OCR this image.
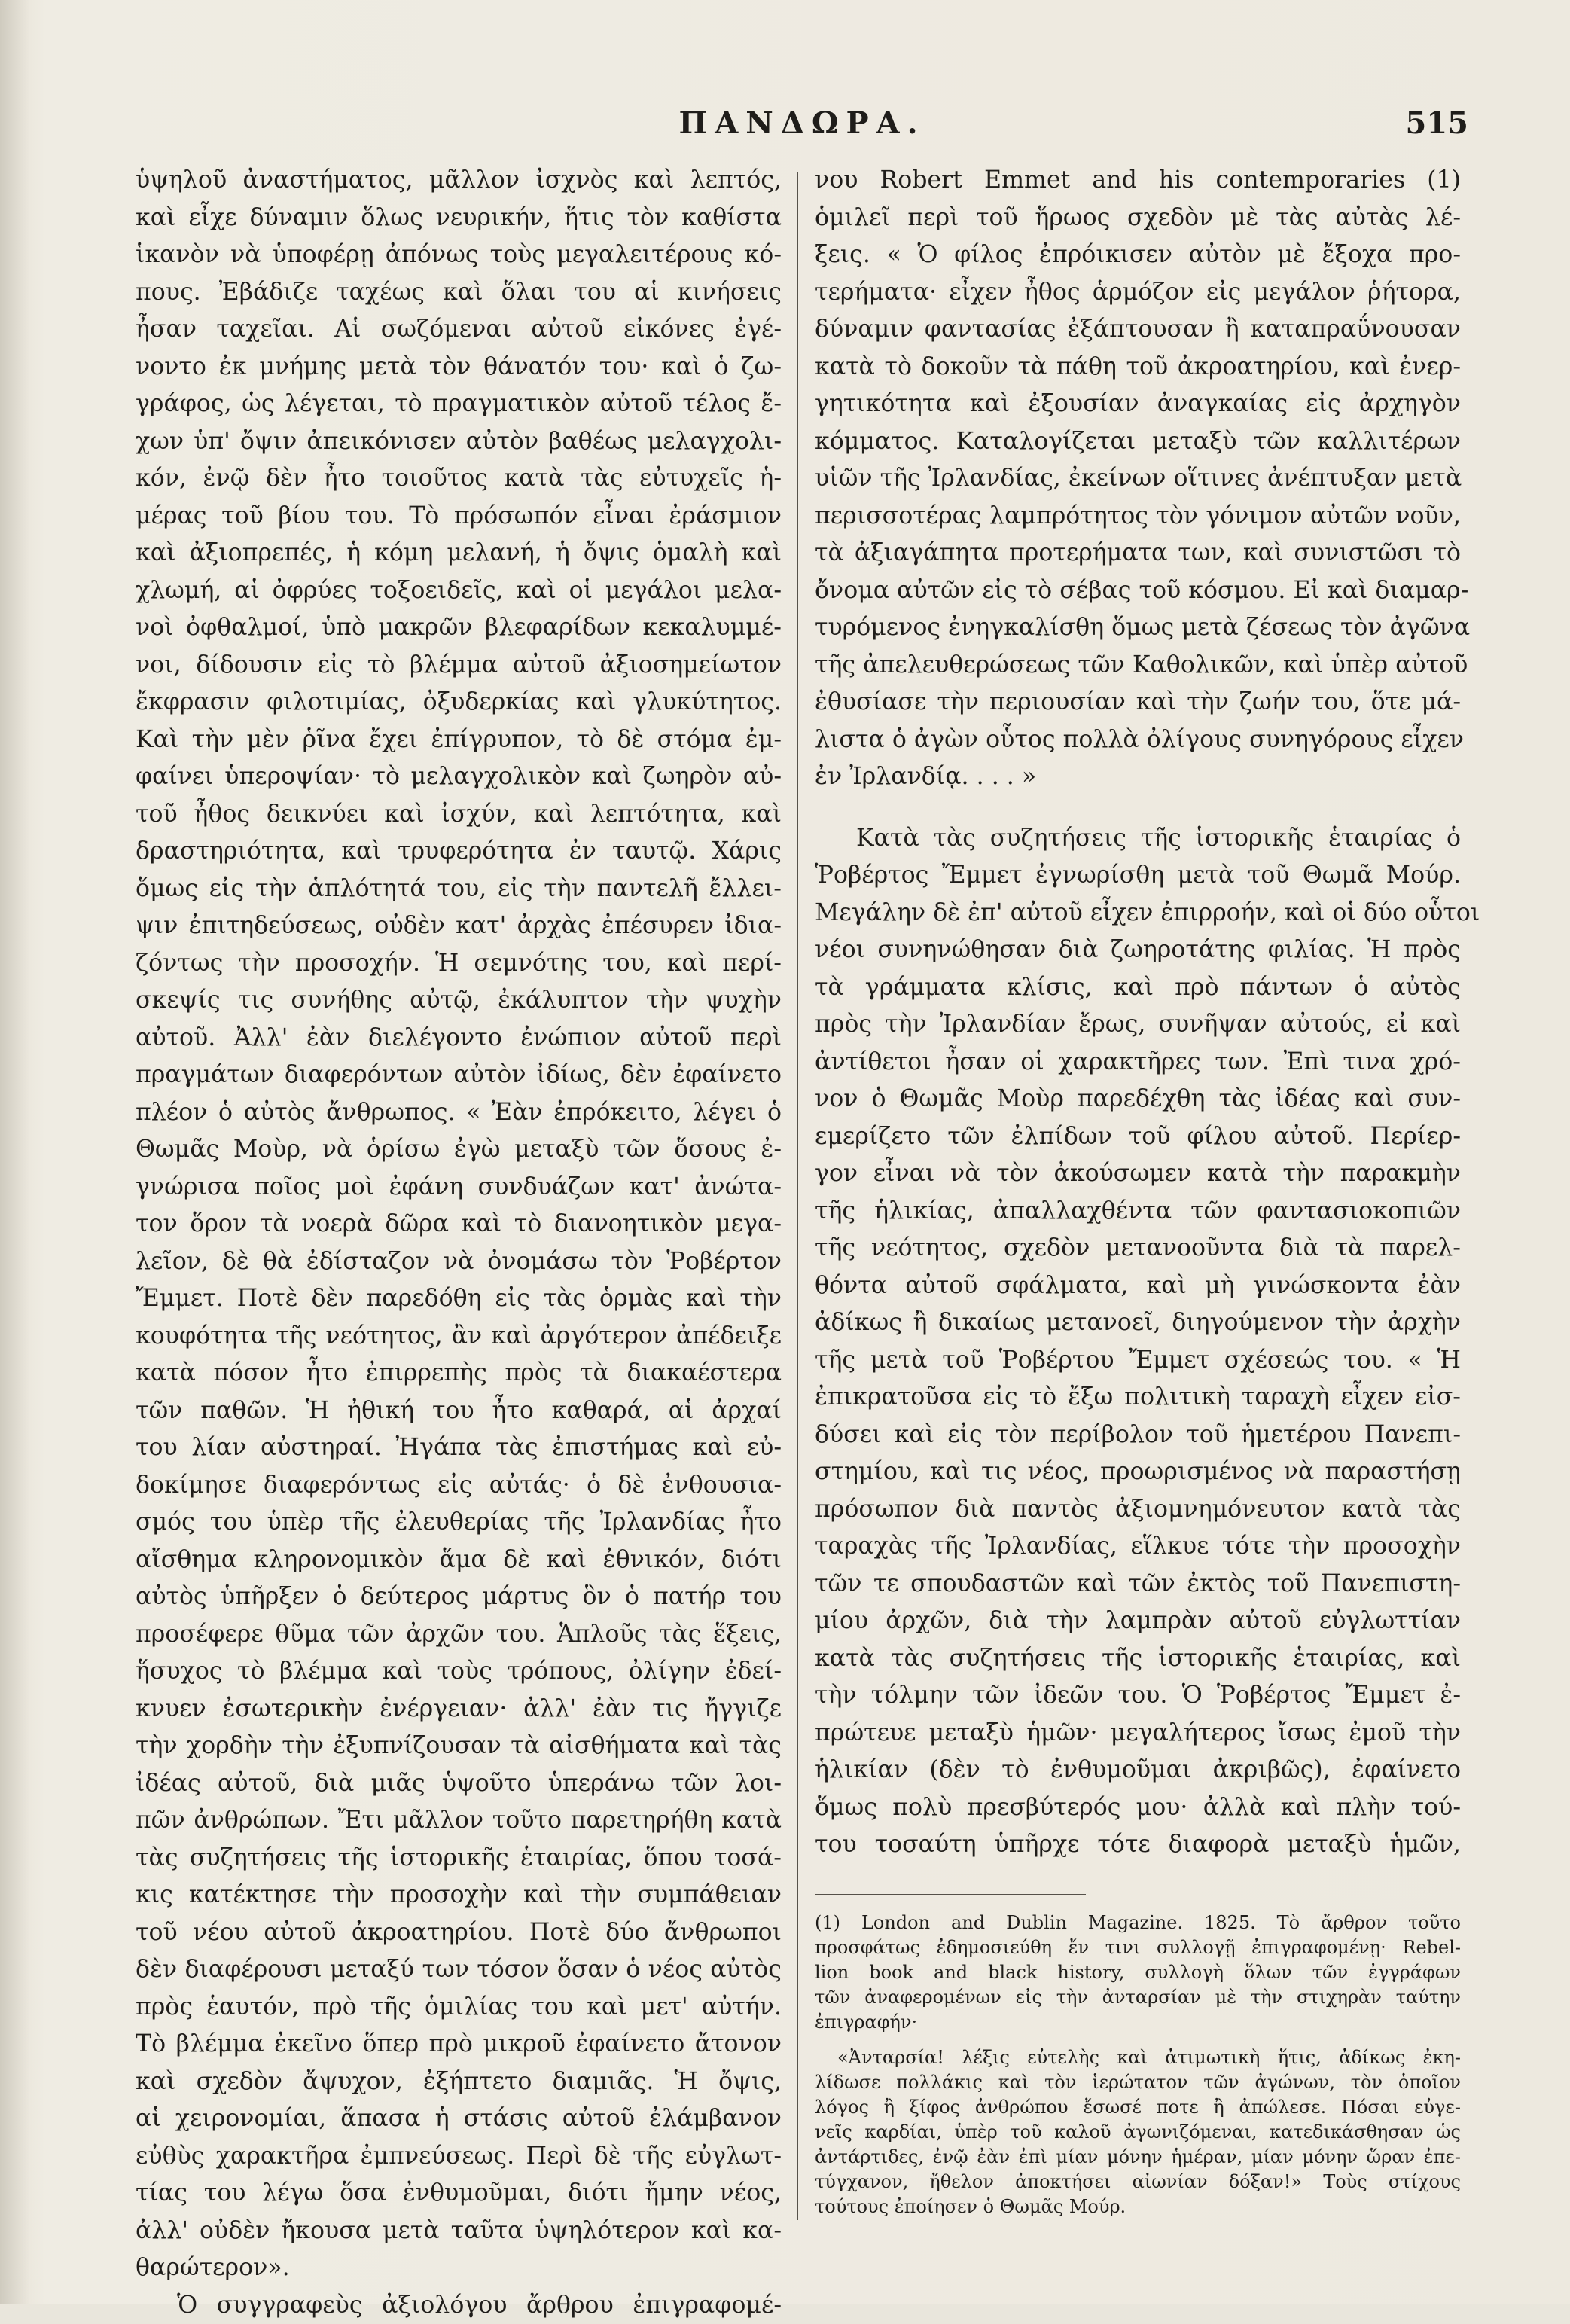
ΠΑΝΔΩΡΑ.	515
ὑψηλοῦ ἀναστήματος, μᾶλλον ἰσχνὸς καὶ λεπτός,
καὶ εἶχε δύναμιν ὅλως νευρικήν, ἥτις τὸν καθίστα
ἱκανὸν νὰ ὑποφέρῃ ἀπόνως τοὺς μεγαλειτέρους κό-
πους. Ἐβάδιζε ταχέως καὶ ὅλαι του αἱ κινήσεις
ἦσαν ταχεῖαι. Αἱ σωζόμεναι αὐτοῦ εἰκόνες ἐγέ-
νοντο ἐκ μνήμης μετὰ τὸν θάνατόν του· καὶ ὁ ζω-
γράφος, ὡς λέγεται, τὸ πραγματικὸν αὐτοῦ τέλος ἔ-
χων ὑπ' ὄψιν ἀπεικόνισεν αὐτὸν βαθέως μελαγχολι-
κόν, ἐνῷ δὲν ἦτο τοιοῦτος κατὰ τὰς εὐτυχεῖς ἡ-
μέρας τοῦ βίου του. Τὸ πρόσωπόν εἶναι ἐράσμιον
καὶ ἀξιοπρεπές, ἡ κόμη μελανή, ἡ ὄψις ὁμαλὴ καὶ
χλωμή, αἱ ὀφρύες τοξοειδεῖς, καὶ οἱ μεγάλοι μελα-
νοὶ ὀφθαλμοί, ὑπὸ μακρῶν βλεφαρίδων κεκαλυμμέ-
νοι, δίδουσιν εἰς τὸ βλέμμα αὐτοῦ ἀξιοσημείωτον
ἔκφρασιν φιλοτιμίας, ὀξυδερκίας καὶ γλυκύτητος.
Καὶ τὴν μὲν ῥῖνα ἔχει ἐπίγρυπον, τὸ δὲ στόμα ἐμ-
φαίνει ὑπεροψίαν· τὸ μελαγχολικὸν καὶ ζωηρὸν αὐ-
τοῦ ἦθος δεικνύει καὶ ἰσχύν, καὶ λεπτότητα, καὶ
δραστηριότητα, καὶ τρυφερότητα ἐν ταυτῷ. Χάρις
ὅμως εἰς τὴν ἁπλότητά του, εἰς τὴν παντελῆ ἔλλει-
ψιν ἐπιτηδεύσεως, οὐδὲν κατ' ἀρχὰς ἐπέσυρεν ἰδια-
ζόντως τὴν προσοχήν. Ἡ σεμνότης του, καὶ περί-
σκεψίς τις συνήθης αὐτῷ, ἐκάλυπτον τὴν ψυχὴν
αὐτοῦ. Ἀλλ' ἐὰν διελέγοντο ἐνώπιον αὐτοῦ περὶ
πραγμάτων διαφερόντων αὐτὸν ἰδίως, δὲν ἐφαίνετο
πλέον ὁ αὐτὸς ἄνθρωπος. « Ἐὰν ἐπρόκειτο, λέγει ὁ
Θωμᾶς Μοὺρ, νὰ ὁρίσω ἐγὼ μεταξὺ τῶν ὅσους ἐ-
γνώρισα ποῖος μοὶ ἐφάνη συνδυάζων κατ' ἀνώτα-
τον ὅρον τὰ νοερὰ δῶρα καὶ τὸ διανοητικὸν μεγα-
λεῖον, δὲ θὰ ἐδίσταζον νὰ ὀνομάσω τὸν Ῥοβέρτον
Ἔμμετ. Ποτὲ δὲν παρεδόθη εἰς τὰς ὁρμὰς καὶ τὴν
κουφότητα τῆς νεότητος, ἂν καὶ ἀργότερον ἀπέδειξε
κατὰ πόσον ἦτο ἐπιρρεπὴς πρὸς τὰ διακαέστερα
τῶν παθῶν. Ἡ ἠθική του ἦτο καθαρά, αἱ ἀρχαί
του λίαν αὐστηραί. Ἠγάπα τὰς ἐπιστήμας καὶ εὐ-
δοκίμησε διαφερόντως εἰς αὐτάς· ὁ δὲ ἐνθουσια-
σμός του ὑπὲρ τῆς ἐλευθερίας τῆς Ἰρλανδίας ἦτο
αἴσθημα κληρονομικὸν ἅμα δὲ καὶ ἐθνικόν, διότι
αὐτὸς ὑπῆρξεν ὁ δεύτερος μάρτυς ὃν ὁ πατήρ του
προσέφερε θῦμα τῶν ἀρχῶν του. Ἁπλοῦς τὰς ἕξεις,
ἥσυχος τὸ βλέμμα καὶ τοὺς τρόπους, ὀλίγην ἐδεί-
κνυεν ἐσωτερικὴν ἐνέργειαν· ἀλλ' ἐὰν τις ἤγγιζε
τὴν χορδὴν τὴν ἐξυπνίζουσαν τὰ αἰσθήματα καὶ τὰς
ἰδέας αὐτοῦ, διὰ μιᾶς ὑψοῦτο ὑπεράνω τῶν λοι-
πῶν ἀνθρώπων. Ἔτι μᾶλλον τοῦτο παρετηρήθη κατὰ
τὰς συζητήσεις τῆς ἱστορικῆς ἑταιρίας, ὅπου τοσά-
κις κατέκτησε τὴν προσοχὴν καὶ τὴν συμπάθειαν
τοῦ νέου αὐτοῦ ἀκροατηρίου. Ποτὲ δύο ἄνθρωποι
δὲν διαφέρουσι μεταξύ των τόσον ὅσαν ὁ νέος αὐτὸς
πρὸς ἑαυτόν, πρὸ τῆς ὁμιλίας του καὶ μετ' αὐτήν.
Τὸ βλέμμα ἐκεῖνο ὅπερ πρὸ μικροῦ ἐφαίνετο ἄτονον
καὶ σχεδὸν ἄψυχον, ἐξήπτετο διαμιᾶς. Ἡ ὄψις,
αἱ χειρονομίαι, ἅπασα ἡ στάσις αὐτοῦ ἐλάμβανον
εὐθὺς χαρακτῆρα ἐμπνεύσεως. Περὶ δὲ τῆς εὐγλωτ-
τίας του λέγω ὅσα ἐνθυμοῦμαι, διότι ἤμην νέος,
ἀλλ' οὐδὲν ἤκουσα μετὰ ταῦτα ὑψηλότερον καὶ κα-
θαρώτερον».
Ὁ συγγραφεὺς ἀξιολόγου ἄρθρου ἐπιγραφομέ-
νου Robert Emmet and his contemporaries (1)
ὁμιλεῖ περὶ τοῦ ἥρωος σχεδὸν μὲ τὰς αὐτὰς λέ-
ξεις. « Ὁ φίλος ἐπρόικισεν αὐτὸν μὲ ἔξοχα προ-
τερήματα· εἶχεν ἦθος ἁρμόζον εἰς μεγάλον ῥήτορα,
δύναμιν φαντασίας ἐξάπτουσαν ἢ καταπραΰνουσαν
κατὰ τὸ δοκοῦν τὰ πάθη τοῦ ἀκροατηρίου, καὶ ἐνερ-
γητικότητα καὶ ἐξουσίαν ἀναγκαίας εἰς ἀρχηγὸν
κόμματος. Καταλογίζεται μεταξὺ τῶν καλλιτέρων
υἱῶν τῆς Ἰρλανδίας, ἐκείνων οἵτινες ἀνέπτυξαν μετὰ
περισσοτέρας λαμπρότητος τὸν γόνιμον αὐτῶν νοῦν,
τὰ ἀξιαγάπητα προτερήματα των, καὶ συνιστῶσι τὸ
ὄνομα αὐτῶν εἰς τὸ σέβας τοῦ κόσμου. Εἰ καὶ διαμαρ-
τυρόμενος ἐνηγκαλίσθη ὅμως μετὰ ζέσεως τὸν ἀγῶνα
τῆς ἀπελευθερώσεως τῶν Καθολικῶν, καὶ ὑπὲρ αὐτοῦ
ἐθυσίασε τὴν περιουσίαν καὶ τὴν ζωήν του, ὅτε μά-
λιστα ὁ ἀγὼν οὗτος πολλὰ ὀλίγους συνηγόρους εἶχεν
ἐν Ἰρλανδίᾳ. . . . »
Κατὰ τὰς συζητήσεις τῆς ἱστορικῆς ἑταιρίας ὁ
Ῥοβέρτος Ἔμμετ ἐγνωρίσθη μετὰ τοῦ Θωμᾶ Μούρ.
Μεγάλην δὲ ἐπ' αὐτοῦ εἶχεν ἐπιρροήν, καὶ οἱ δύο οὗτοι
νέοι συνηνώθησαν διὰ ζωηροτάτης φιλίας. Ἡ πρὸς
τὰ γράμματα κλίσις, καὶ πρὸ πάντων ὁ αὐτὸς
πρὸς τὴν Ἰρλανδίαν ἔρως, συνῆψαν αὐτούς, εἰ καὶ
ἀντίθετοι ἦσαν οἱ χαρακτῆρες των. Ἐπὶ τινα χρό-
νον ὁ Θωμᾶς Μοὺρ παρεδέχθη τὰς ἰδέας καὶ συν-
εμερίζετο τῶν ἐλπίδων τοῦ φίλου αὐτοῦ. Περίερ-
γον εἶναι νὰ τὸν ἀκούσωμεν κατὰ τὴν παρακμὴν
τῆς ἡλικίας, ἀπαλλαχθέντα τῶν φαντασιοκοπιῶν
τῆς νεότητος, σχεδὸν μετανοοῦντα διὰ τὰ παρελ-
θόντα αὐτοῦ σφάλματα, καὶ μὴ γινώσκοντα ἐὰν
ἀδίκως ἢ δικαίως μετανοεῖ, διηγούμενον τὴν ἀρχὴν
τῆς μετὰ τοῦ Ῥοβέρτου Ἔμμετ σχέσεώς του. « Ἡ
ἐπικρατοῦσα εἰς τὸ ἔξω πολιτικὴ ταραχὴ εἶχεν εἰσ-
δύσει καὶ εἰς τὸν περίβολον τοῦ ἡμετέρου Πανεπι-
στημίου, καὶ τις νέος, προωρισμένος νὰ παραστήσῃ
πρόσωπον διὰ παντὸς ἀξιομνημόνευτον κατὰ τὰς
ταραχὰς τῆς Ἰρλανδίας, εἵλκυε τότε τὴν προσοχὴν
τῶν τε σπουδαστῶν καὶ τῶν ἐκτὸς τοῦ Πανεπιστη-
μίου ἀρχῶν, διὰ τὴν λαμπρὰν αὐτοῦ εὐγλωττίαν
κατὰ τὰς συζητήσεις τῆς ἱστορικῆς ἑταιρίας, καὶ
τὴν τόλμην τῶν ἰδεῶν του. Ὁ Ῥοβέρτος Ἔμμετ ἐ-
πρώτευε μεταξὺ ἡμῶν· μεγαλήτερος ἴσως ἐμοῦ τὴν
ἡλικίαν (δὲν τὸ ἐνθυμοῦμαι ἀκριβῶς), ἐφαίνετο
ὅμως πολὺ πρεσβύτερός μου· ἀλλὰ καὶ πλὴν τού-
του τοσαύτη ὑπῆρχε τότε διαφορὰ μεταξὺ ἡμῶν,
(1) London and Dublin Magazine. 1825. Τὸ ἄρθρον τοῦτο
προσφάτως ἐδημοσιεύθη ἔν τινι συλλογῇ ἐπιγραφομένῃ· Rebel-
lion book and black history, συλλογὴ ὅλων τῶν ἐγγράφων
τῶν ἀναφερομένων εἰς τὴν ἀνταρσίαν μὲ τὴν στιχηρὰν ταύτην
ἐπιγραφήν·
«Ἀνταρσία! λέξις εὐτελὴς καὶ ἀτιμωτικὴ ἥτις, ἀδίκως ἐκη-
λίδωσε πολλάκις καὶ τὸν ἱερώτατον τῶν ἀγώνων, τὸν ὁποῖον
λόγος ἢ ξίφος ἀνθρώπου ἔσωσέ ποτε ἢ ἀπώλεσε. Πόσαι εὐγε-
νεῖς καρδίαι, ὑπὲρ τοῦ καλοῦ ἀγωνιζόμεναι, κατεδικάσθησαν ὡς
ἀντάρτιδες, ἐνῷ ἐὰν ἐπὶ μίαν μόνην ἡμέραν, μίαν μόνην ὥραν ἐπε-
τύγχανον, ἤθελον ἀποκτήσει αἰωνίαν δόξαν!» Τοὺς στίχους
τούτους ἐποίησεν ὁ Θωμᾶς Μούρ.
